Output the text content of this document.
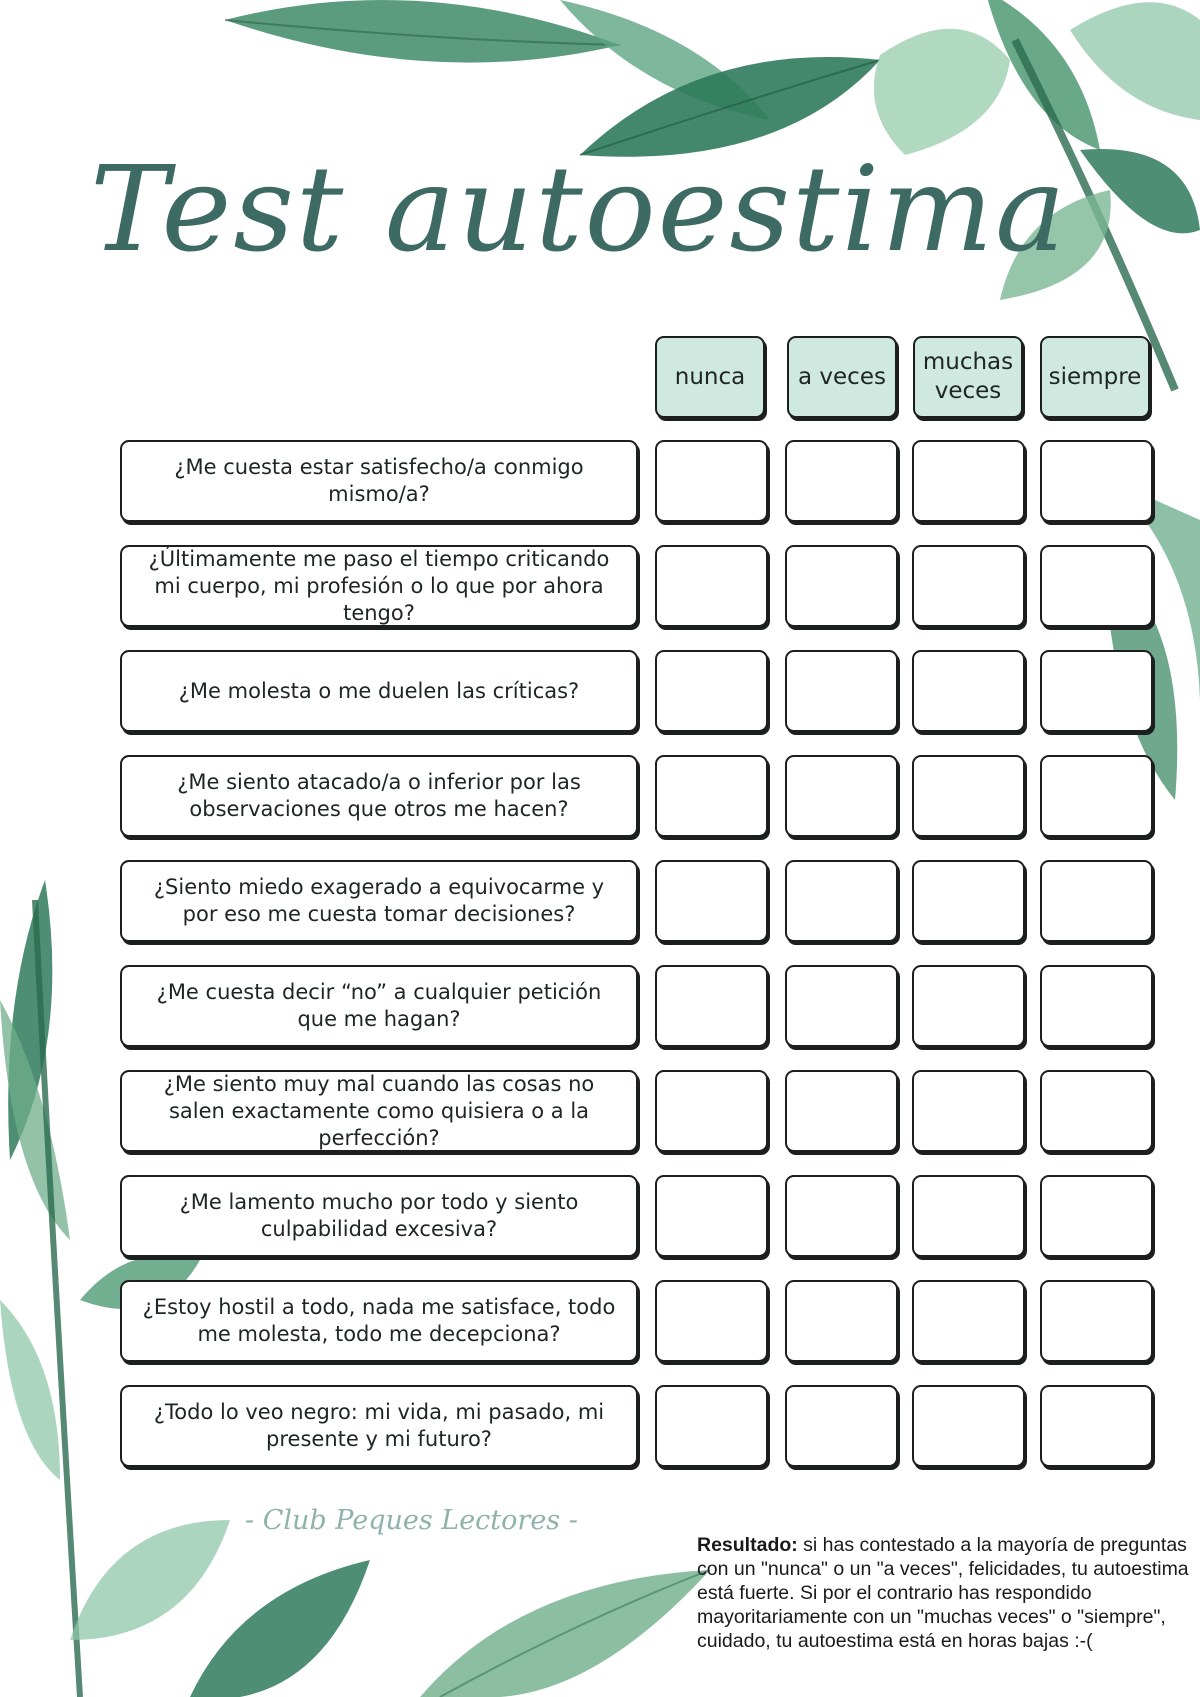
Test autoestima
nunca	a veces
muchas veces
siempre
¿Me cuesta estar satisfecho/a conmigo mismo/a?
¿Últimamente me paso el tiempo criticando mi cuerpo, mi profesión o lo que por ahora tengo?
¿Me molesta o me duelen las críticas?
¿Me siento atacado/a o inferior por las observaciones que otros me hacen?
¿Siento miedo exagerado a equivocarme y por eso me cuesta tomar decisiones?
¿Me cuesta decir “no” a cualquier petición que me hagan?
¿Me siento muy mal cuando las cosas no salen exactamente como quisiera o a la perfección?
¿Me lamento mucho por todo y siento culpabilidad excesiva?
¿Estoy hostil a todo, nada me satisface, todo me molesta, todo me decepciona?
¿Todo lo veo negro: mi vida, mi pasado, mi presente y mi futuro?
- Club Peques Lectores -
Resultado: si has contestado a la mayoría de preguntas con un "nunca" o un "a veces", felicidades, tu autoestima está fuerte. Si por el contrario has respondido mayoritariamente con un "muchas veces" o "siempre", cuidado, tu autoestima está en horas bajas :-(
